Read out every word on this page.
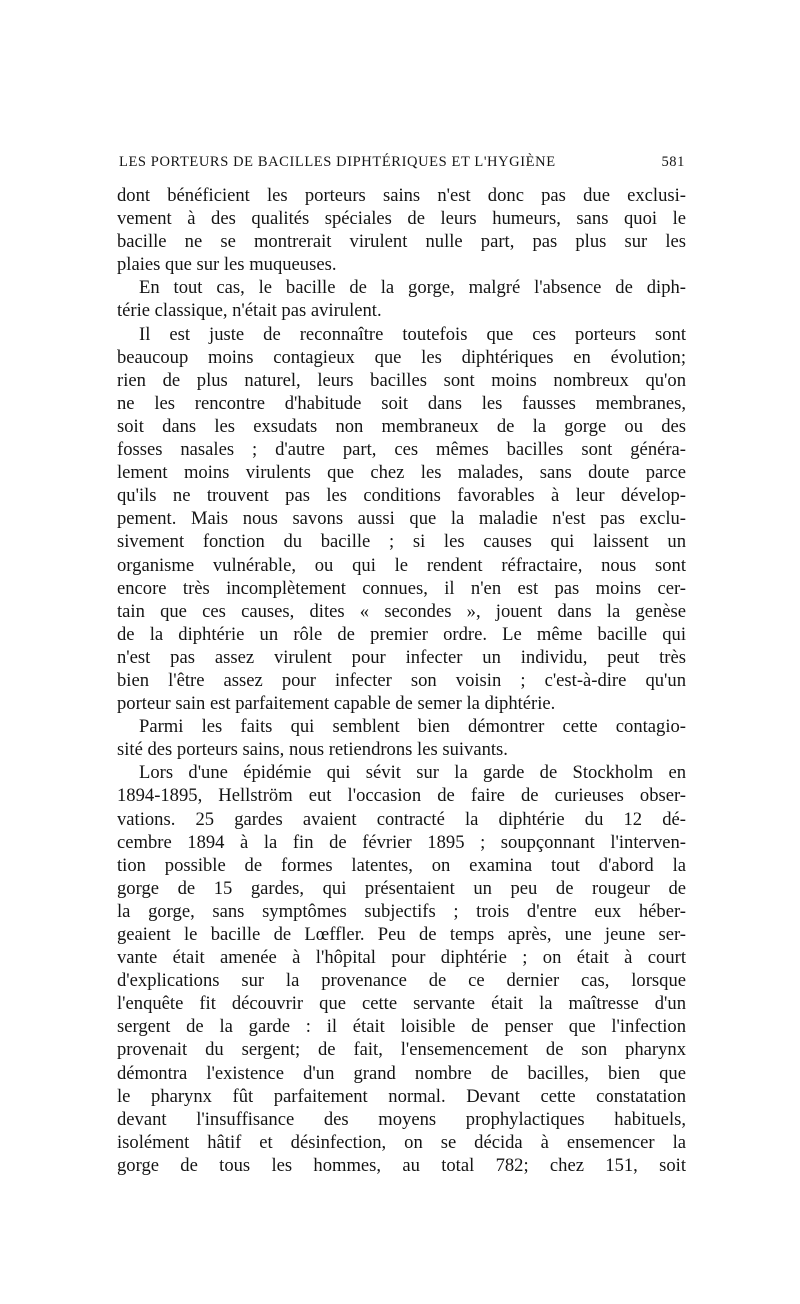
LES PORTEURS DE BACILLES DIPHTÉRIQUES ET L'HYGIÈNE	581
dont bénéficient les porteurs sains n'est donc pas due exclusi-
vement à des qualités spéciales de leurs humeurs, sans quoi le
bacille ne se montrerait virulent nulle part, pas plus sur les
plaies que sur les muqueuses.
En tout cas, le bacille de la gorge, malgré l'absence de diph-
térie classique, n'était pas avirulent.
Il est juste de reconnaître toutefois que ces porteurs sont
beaucoup moins contagieux que les diphtériques en évolution;
rien de plus naturel, leurs bacilles sont moins nombreux qu'on
ne les rencontre d'habitude soit dans les fausses membranes,
soit dans les exsudats non membraneux de la gorge ou des
fosses nasales ; d'autre part, ces mêmes bacilles sont généra-
lement moins virulents que chez les malades, sans doute parce
qu'ils ne trouvent pas les conditions favorables à leur dévelop-
pement. Mais nous savons aussi que la maladie n'est pas exclu-
sivement fonction du bacille ; si les causes qui laissent un
organisme vulnérable, ou qui le rendent réfractaire, nous sont
encore très incomplètement connues, il n'en est pas moins cer-
tain que ces causes, dites « secondes », jouent dans la genèse
de la diphtérie un rôle de premier ordre. Le même bacille qui
n'est pas assez virulent pour infecter un individu, peut très
bien l'être assez pour infecter son voisin ; c'est-à-dire qu'un
porteur sain est parfaitement capable de semer la diphtérie.
Parmi les faits qui semblent bien démontrer cette contagio-
sité des porteurs sains, nous retiendrons les suivants.
Lors d'une épidémie qui sévit sur la garde de Stockholm en
1894-1895, Hellström eut l'occasion de faire de curieuses obser-
vations. 25 gardes avaient contracté la diphtérie du 12 dé-
cembre 1894 à la fin de février 1895 ; soupçonnant l'interven-
tion possible de formes latentes, on examina tout d'abord la
gorge de 15 gardes, qui présentaient un peu de rougeur de
la gorge, sans symptômes subjectifs ; trois d'entre eux héber-
geaient le bacille de Lœffler. Peu de temps après, une jeune ser-
vante était amenée à l'hôpital pour diphtérie ; on était à court
d'explications sur la provenance de ce dernier cas, lorsque
l'enquête fit découvrir que cette servante était la maîtresse d'un
sergent de la garde : il était loisible de penser que l'infection
provenait du sergent; de fait, l'ensemencement de son pharynx
démontra l'existence d'un grand nombre de bacilles, bien que
le pharynx fût parfaitement normal. Devant cette constatation
devant l'insuffisance des moyens prophylactiques habituels,
isolément hâtif et désinfection, on se décida à ensemencer la
gorge de tous les hommes, au total 782; chez 151, soit
